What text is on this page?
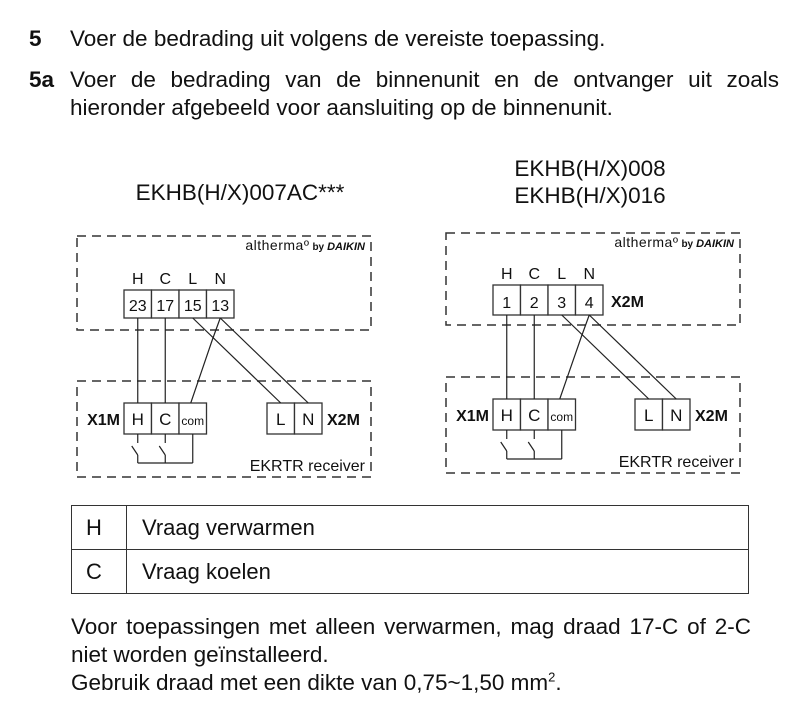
5 Voer de bedrading uit volgens de vereiste toepassing.
5a Voer de bedrading van de binnenunit en de ontvanger uit zoals hieronder afgebeeld voor aansluiting op de binnenunit.
EKHB(H/X)007AC***
EKHB(H/X)008
EKHB(H/X)016
althermaº by DAIKIN
23
H
17
C
15
L
13
N
X1M H C com	L N X2M
EKRTR receiver
althermaº by DAIKIN
1
H
2
C
3
L
4
N
X2M
X1M H C com	L N X2M
EKRTR receiver
H	Vraag verwarmen
C	Vraag koelen

Voor toepassingen met alleen verwarmen, mag draad 17-C of 2-C niet worden geïnstalleerd.

Gebruik draad met een dikte van 0,75~1,50 $mm^2$.
